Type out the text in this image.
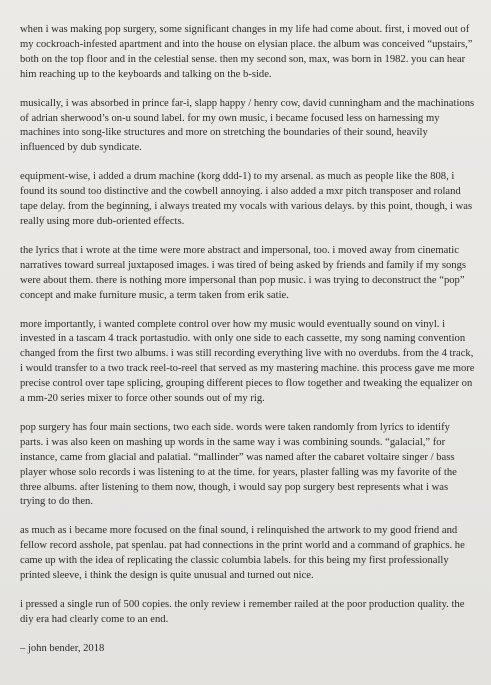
when i was making pop surgery, some significant changes in my life had come about. first, i moved out of my cockroach-infested apartment and into the house on elysian place. the album was conceived “upstairs,” both on the top floor and in the celestial sense. then my second son, max, was born in 1982. you can hear him reaching up to the keyboards and talking on the b-side.

musically, i was absorbed in prince far-i, slapp happy / henry cow, david cunningham and the machinations of adrian sherwood’s on-u sound label. for my own music, i became focused less on harnessing my machines into song-like structures and more on stretching the boundaries of their sound, heavily influenced by dub syndicate.

equipment-wise, i added a drum machine (korg ddd-1) to my arsenal. as much as people like the 808, i found its sound too distinctive and the cowbell annoying. i also added a mxr pitch transposer and roland tape delay. from the beginning, i always treated my vocals with various delays. by this point, though, i was really using more dub-oriented effects.

the lyrics that i wrote at the time were more abstract and impersonal, too. i moved away from cinematic narratives toward surreal juxtaposed images. i was tired of being asked by friends and family if my songs were about them. there is nothing more impersonal than pop music. i was trying to deconstruct the “pop” concept and make furniture music, a term taken from erik satie.

more importantly, i wanted complete control over how my music would eventually sound on vinyl. i invested in a tascam 4 track portastudio. with only one side to each cassette, my song naming convention changed from the first two albums. i was still recording everything live with no overdubs. from the 4 track, i would transfer to a two track reel-to-reel that served as my mastering machine. this process gave me more precise control over tape splicing, grouping different pieces to flow together and tweaking the equalizer on a mm-20 series mixer to force other sounds out of my rig.

pop surgery has four main sections, two each side. words were taken randomly from lyrics to identify parts. i was also keen on mashing up words in the same way i was combining sounds. “galacial,” for instance, came from glacial and palatial. “mallinder” was named after the cabaret voltaire singer / bass player whose solo records i was listening to at the time. for years, plaster falling was my favorite of the three albums. after listening to them now, though, i would say pop surgery best represents what i was trying to do then.

as much as i became more focused on the final sound, i relinquished the artwork to my good friend and fellow record asshole, pat spenlau. pat had connections in the print world and a command of graphics. he came up with the idea of replicating the classic columbia labels. for this being my first professionally printed sleeve, i think the design is quite unusual and turned out nice.

i pressed a single run of 500 copies. the only review i remember railed at the poor production quality. the diy era had clearly come to an end.

– john bender, 2018
